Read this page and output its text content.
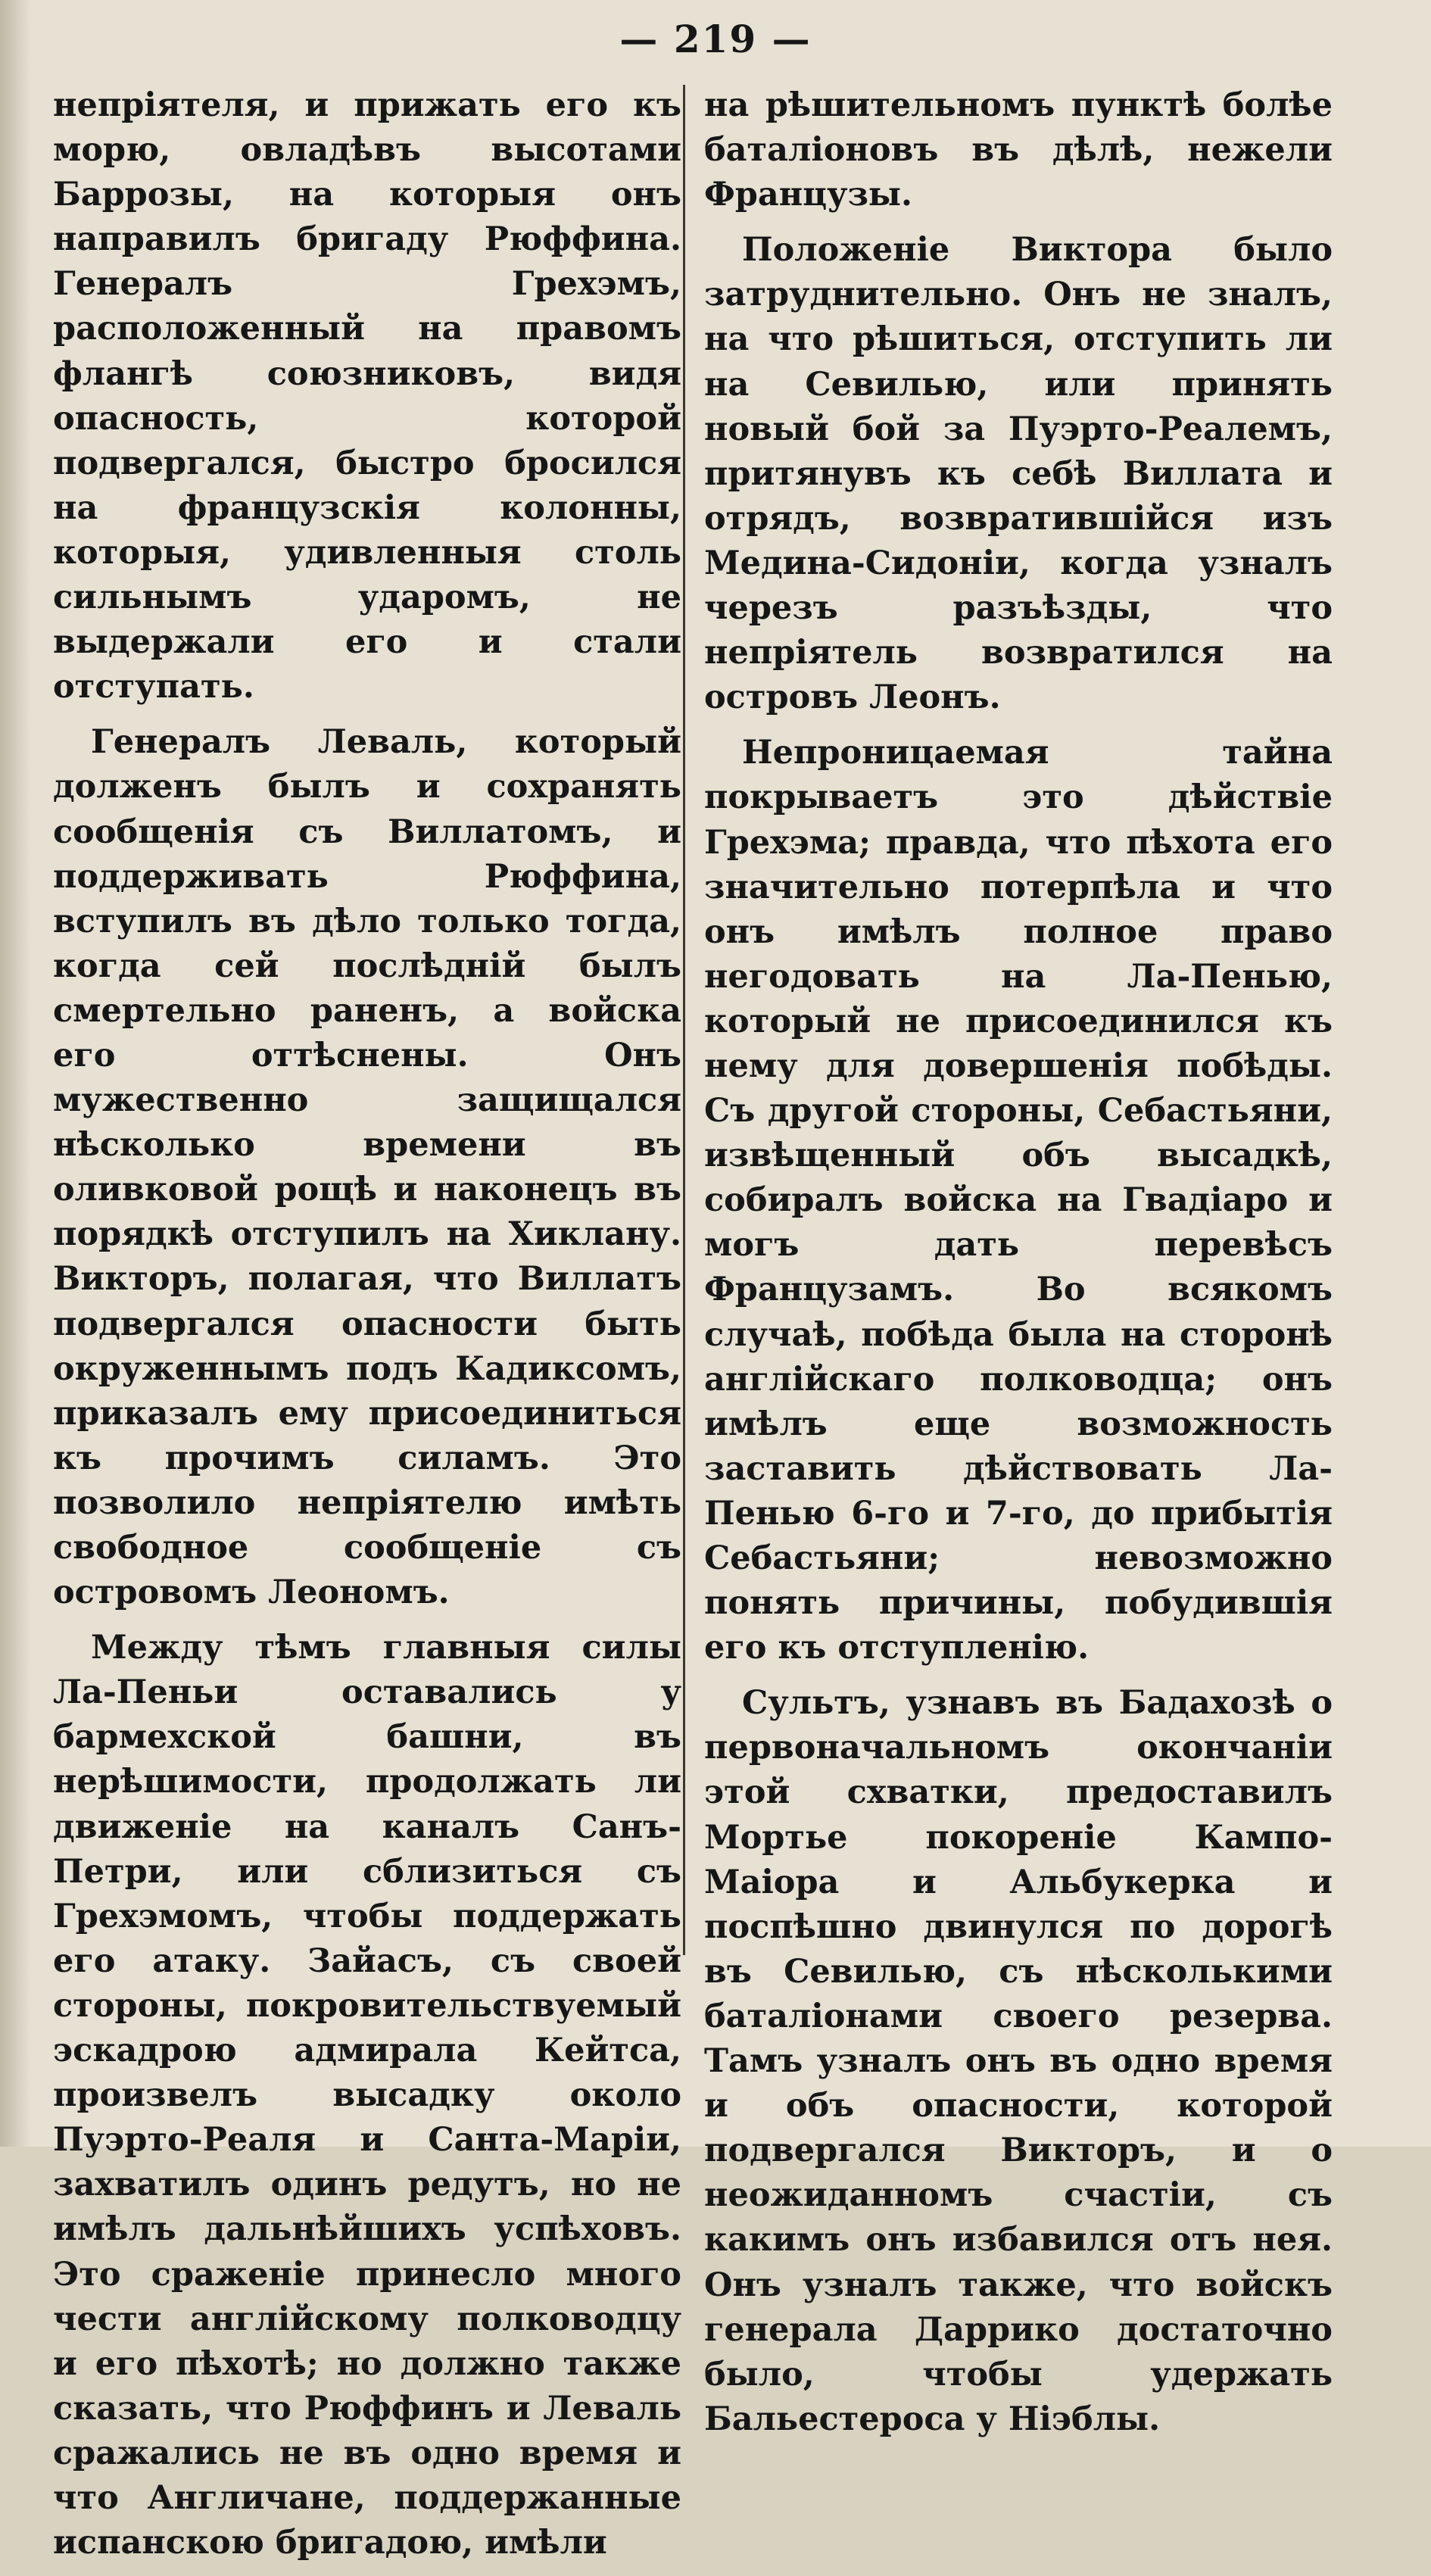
— 219 —

непріятеля, и прижать его къ морю, овладѣвъ высотами Баррозы, на которыя онъ направилъ бригаду Рюффина. Генералъ Грехэмъ, расположенный на правомъ флангѣ союзниковъ, видя опасность, которой подвергался, быстро бросился на французскія колонны, которыя, удивленныя столь сильнымъ ударомъ, не выдержали его и стали отступать.

Генералъ Леваль, который долженъ былъ и сохранять сообщенія съ Виллатомъ, и поддерживать Рюффина, вступилъ въ дѣло только тогда, когда сей послѣдній былъ смертельно раненъ, а войска его оттѣснены. Онъ мужественно защищался нѣсколько времени въ оливковой рощѣ и наконецъ въ порядкѣ отступилъ на Хиклану. Викторъ, полагая, что Виллатъ подвергался опасности быть окруженнымъ подъ Кадиксомъ, приказалъ ему присоединиться къ прочимъ силамъ. Это позволило непріятелю имѣть свободное сообщеніе съ островомъ Леономъ.

Между тѣмъ главныя силы Ла-Пеньи оставались у бармехской башни, въ нерѣшимости, продолжать ли движеніе на каналъ Санъ-Петри, или сблизиться съ Грехэмомъ, чтобы поддержать его атаку. Зайасъ, съ своей стороны, покровительствуемый эскадрою адмирала Кейтса, произвелъ высадку около Пуэрто-Реаля и Санта-Маріи, захватилъ одинъ редутъ, но не имѣлъ дальнѣйшихъ успѣховъ. Это сраженіе принесло много чести англійскому полководцу и его пѣхотѣ; но должно также сказать, что Рюффинъ и Леваль сражались не въ одно время и что Англичане, поддержанные испанскою бригадою, имѣли

на рѣшительномъ пунктѣ болѣе баталіоновъ въ дѣлѣ, нежели Французы.

Положеніе Виктора было затруднительно. Онъ не зналъ, на что рѣшиться, отступить ли на Севилью, или принять новый бой за Пуэрто-Реалемъ, притянувъ къ себѣ Виллата и отрядъ, возвратившійся изъ Медина-Сидоніи, когда узналъ черезъ разъѣзды, что непріятель возвратился на островъ Леонъ.

Непроницаемая тайна покрываетъ это дѣйствіе Грехэма; правда, что пѣхота его значительно потерпѣла и что онъ имѣлъ полное право негодовать на Ла-Пенью, который не присоединился къ нему для довершенія побѣды. Съ другой стороны, Себастьяни, извѣщенный объ высадкѣ, собиралъ войска на Гвадіаро и могъ дать перевѣсъ Французамъ. Во всякомъ случаѣ, побѣда была на сторонѣ англійскаго полководца; онъ имѣлъ еще возможность заставить дѣйствовать Ла-Пенью 6-го и 7-го, до прибытія Себастьяни; невозможно понять причины, побудившія его къ отступленію.

Сультъ, узнавъ въ Бадахозѣ о первоначальномъ окончаніи этой схватки, предоставилъ Мортье покореніе Кампо-Маіора и Альбукерка и поспѣшно двинулся по дорогѣ въ Севилью, съ нѣсколькими баталіонами своего резерва. Тамъ узналъ онъ въ одно время и объ опасности, которой подвергался Викторъ, и о неожиданномъ счастіи, съ какимъ онъ избавился отъ нея. Онъ узналъ также, что войскъ генерала Даррико достаточно было, чтобы удержать Бальестероса у Ніэблы.
